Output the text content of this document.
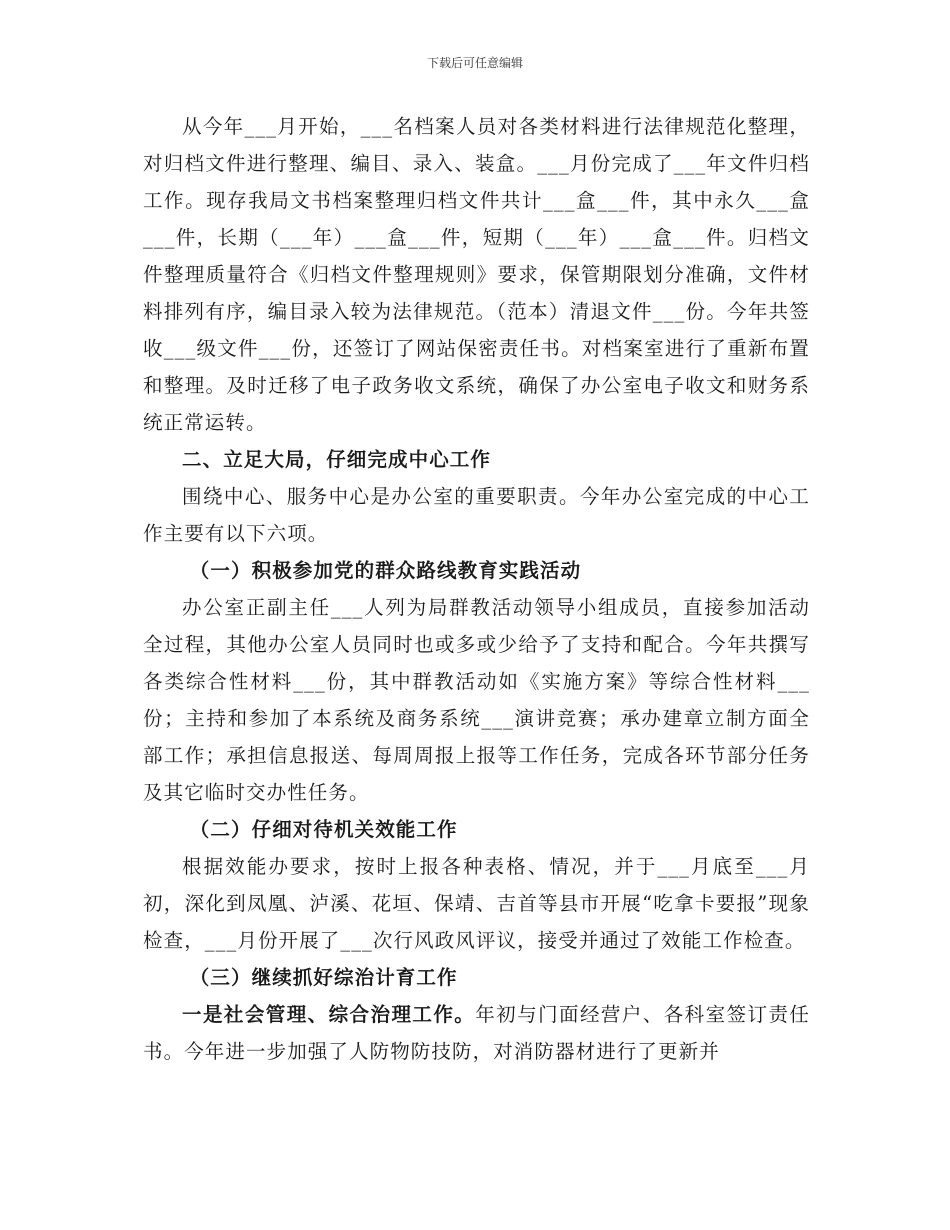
下载后可任意编辑

从今年___月开始，___名档案人员对各类材料进行法律规范化整理，对归档文件进行整理、编目、录入、装盒。___月份完成了___年文件归档工作。现存我局文书档案整理归档文件共计___盒___件，其中永久___盒___件，长期（___年）___盒___件，短期（___年）___盒___件。归档文件整理质量符合《归档文件整理规则》要求，保管期限划分准确，文件材料排列有序，编目录入较为法律规范。（范本）清退文件___份。今年共签收___级文件___份，还签订了网站保密责任书。对档案室进行了重新布置和整理。及时迁移了电子政务收文系统，确保了办公室电子收文和财务系统正常运转。

二、立足大局，仔细完成中心工作

围绕中心、服务中心是办公室的重要职责。今年办公室完成的中心工作主要有以下六项。

（一）积极参加党的群众路线教育实践活动

办公室正副主任___人列为局群教活动领导小组成员，直接参加活动全过程，其他办公室人员同时也或多或少给予了支持和配合。今年共撰写各类综合性材料___份，其中群教活动如《实施方案》等综合性材料___份；主持和参加了本系统及商务系统___演讲竞赛；承办建章立制方面全部工作；承担信息报送、每周周报上报等工作任务，完成各环节部分任务及其它临时交办性任务。

（二）仔细对待机关效能工作

根据效能办要求，按时上报各种表格、情况，并于___月底至___月初，深化到凤凰、泸溪、花垣、保靖、吉首等县市开展“吃拿卡要报”现象检查，___月份开展了___次行风政风评议，接受并通过了效能工作检查。

（三）继续抓好综治计育工作

一是社会管理、综合治理工作。年初与门面经营户、各科室签订责任书。今年进一步加强了人防物防技防，对消防器材进行了更新并
